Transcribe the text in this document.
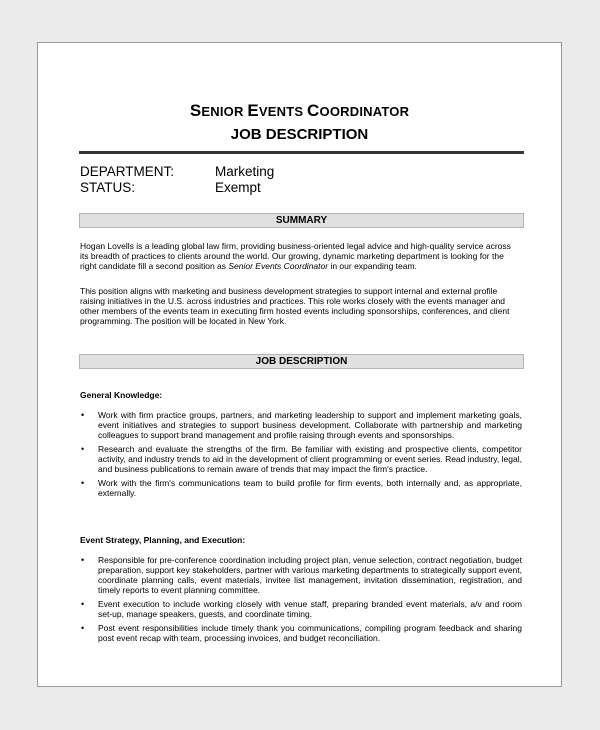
SENIOR EVENTS COORDINATOR
JOB DESCRIPTION
DEPARTMENT:	Marketing
STATUS:	Exempt
SUMMARY
Hogan Lovells is a leading global law firm, providing business-oriented legal advice and high-quality service across its breadth of practices to clients around the world. Our growing, dynamic marketing department is looking for the right candidate fill a second position as Senior Events Coordinator in our expanding team.
This position aligns with marketing and business development strategies to support internal and external profile raising initiatives in the U.S. across industries and practices. This role works closely with the events manager and other members of the events team in executing firm hosted events including sponsorships, conferences, and client programming. The position will be located in New York.
JOB DESCRIPTION
General Knowledge:
• Work with firm practice groups, partners, and marketing leadership to support and implement marketing goals, event initiatives and strategies to support business development. Collaborate with partnership and marketing colleagues to support brand management and profile raising through events and sponsorships.
• Research and evaluate the strengths of the firm. Be familiar with existing and prospective clients, competitor activity, and industry trends to aid in the development of client programming or event series. Read industry, legal, and business publications to remain aware of trends that may impact the firm's practice.
• Work with the firm's communications team to build profile for firm events, both internally and, as appropriate, externally.
Event Strategy, Planning, and Execution:
• Responsible for pre-conference coordination including project plan, venue selection, contract negotiation, budget preparation, support key stakeholders, partner with various marketing departments to strategically support event, coordinate planning calls, event materials, invitee list management, invitation dissemination, registration, and timely reports to event planning committee.
• Event execution to include working closely with venue staff, preparing branded event materials, a/v and room set-up, manage speakers, guests, and coordinate timing.
• Post event responsibilities include timely thank you communications, compiling program feedback and sharing post event recap with team, processing invoices, and budget reconciliation.
